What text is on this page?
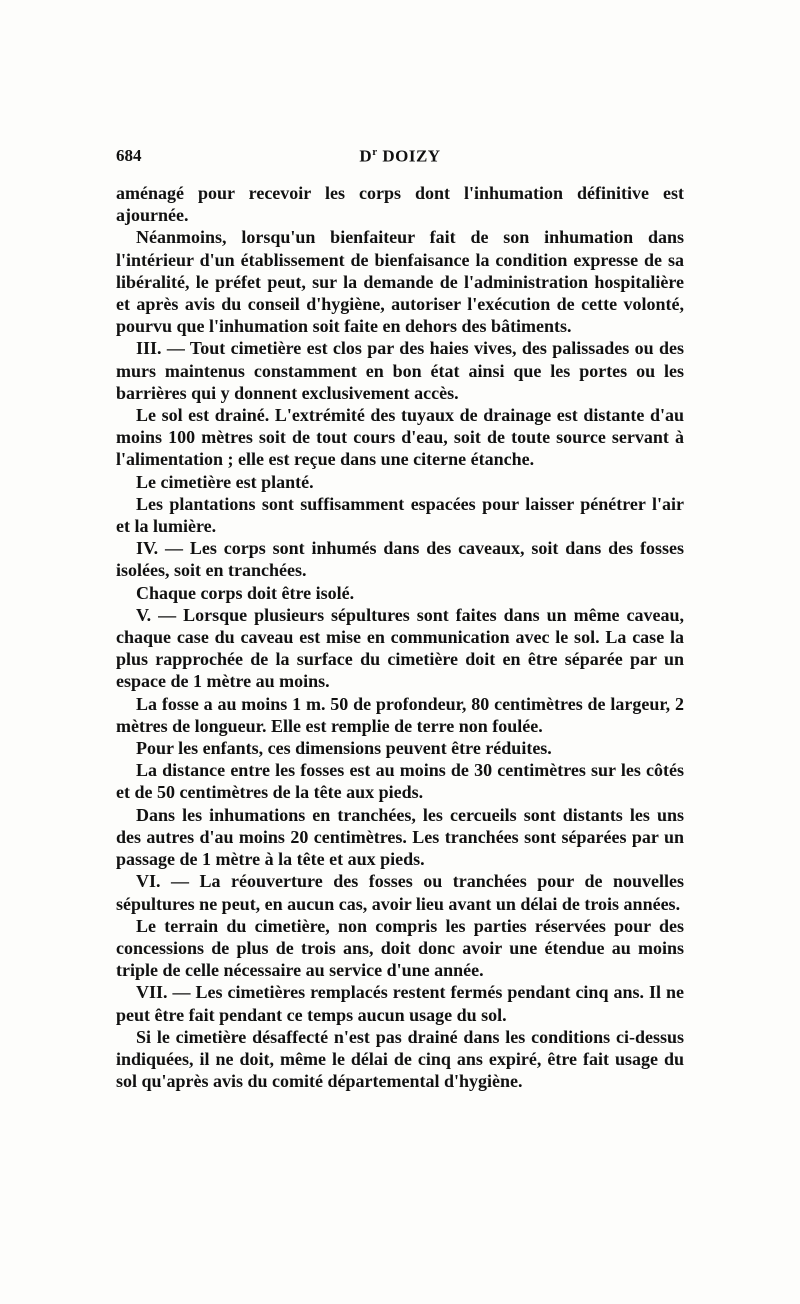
684	$D^r$ DOIZY

aménagé pour recevoir les corps dont l'inhumation définitive est ajournée.

Néanmoins, lorsqu'un bienfaiteur fait de son inhumation dans l'intérieur d'un établissement de bienfaisance la condition expresse de sa libéralité, le préfet peut, sur la demande de l'administration hospitalière et après avis du conseil d'hygiène, autoriser l'exécution de cette volonté, pourvu que l'inhumation soit faite en dehors des bâtiments.

III. — Tout cimetière est clos par des haies vives, des palissades ou des murs maintenus constamment en bon état ainsi que les portes ou les barrières qui y donnent exclusivement accès.

Le sol est drainé. L'extrémité des tuyaux de drainage est distante d'au moins 100 mètres soit de tout cours d'eau, soit de toute source servant à l'alimentation ; elle est reçue dans une citerne étanche.

Le cimetière est planté.

Les plantations sont suffisamment espacées pour laisser pénétrer l'air et la lumière.

IV. — Les corps sont inhumés dans des caveaux, soit dans des fosses isolées, soit en tranchées.

Chaque corps doit être isolé.

V. — Lorsque plusieurs sépultures sont faites dans un même caveau, chaque case du caveau est mise en communication avec le sol. La case la plus rapprochée de la surface du cimetière doit en être séparée par un espace de 1 mètre au moins.

La fosse a au moins 1 m. 50 de profondeur, 80 centimètres de largeur, 2 mètres de longueur. Elle est remplie de terre non foulée.

Pour les enfants, ces dimensions peuvent être réduites.

La distance entre les fosses est au moins de 30 centimètres sur les côtés et de 50 centimètres de la tête aux pieds.

Dans les inhumations en tranchées, les cercueils sont distants les uns des autres d'au moins 20 centimètres. Les tranchées sont séparées par un passage de 1 mètre à la tête et aux pieds.

VI. — La réouverture des fosses ou tranchées pour de nouvelles sépultures ne peut, en aucun cas, avoir lieu avant un délai de trois années.

Le terrain du cimetière, non compris les parties réservées pour des concessions de plus de trois ans, doit donc avoir une étendue au moins triple de celle nécessaire au service d'une année.

VII. — Les cimetières remplacés restent fermés pendant cinq ans. Il ne peut être fait pendant ce temps aucun usage du sol.

Si le cimetière désaffecté n'est pas drainé dans les conditions ci-dessus indiquées, il ne doit, même le délai de cinq ans expiré, être fait usage du sol qu'après avis du comité départemental d'hygiène.
